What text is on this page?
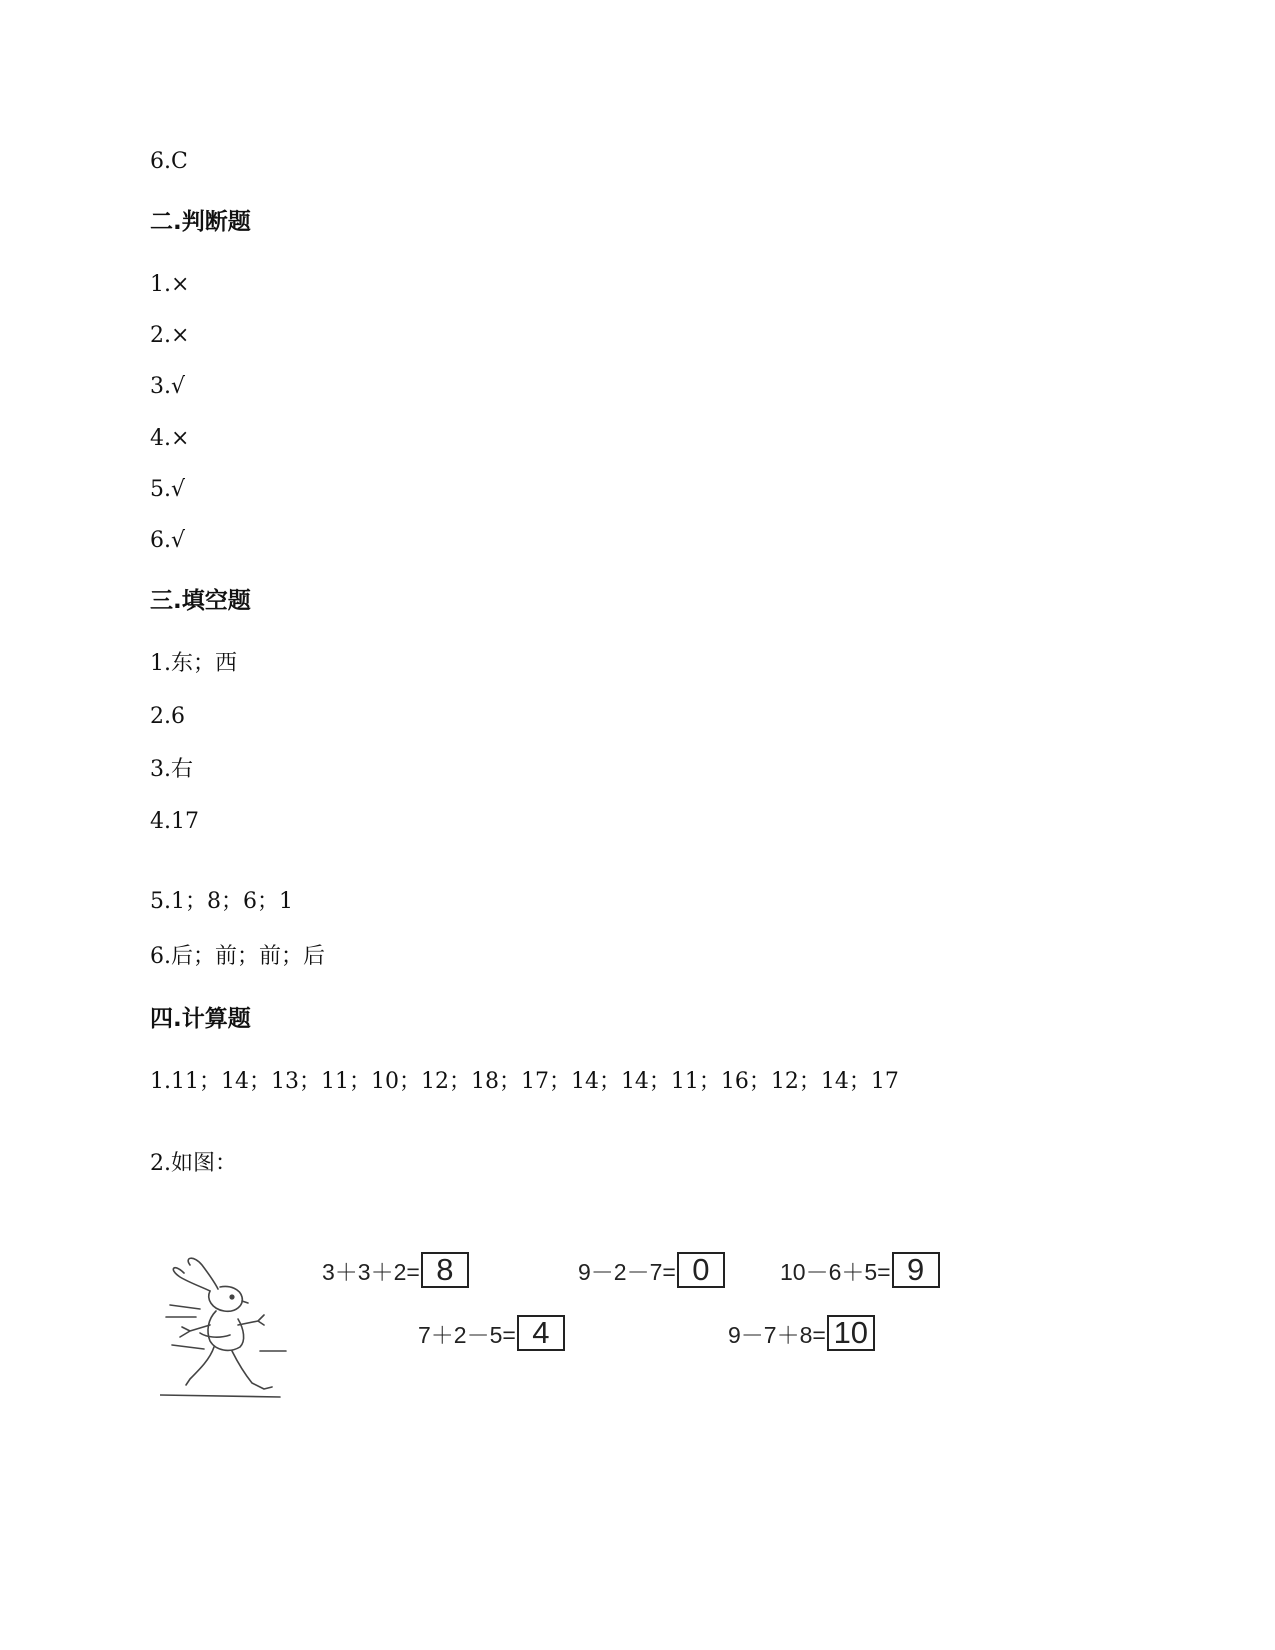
6.C
二.判断题
1.×
2.×
3.√
4.×
5.√
6.√
三.填空题
1.东；西
2.6
3.右
4.17
5.1；8；6；1
6.后；前；前；后
四.计算题
1.11；14；13；11；10；12；18；17；14；14；11；16；12；14；17
2.如图：
3＋3＋2= 8	9－2－7= 0	10－6＋5= 9
7＋2－5= 4	9－7＋8= 10
